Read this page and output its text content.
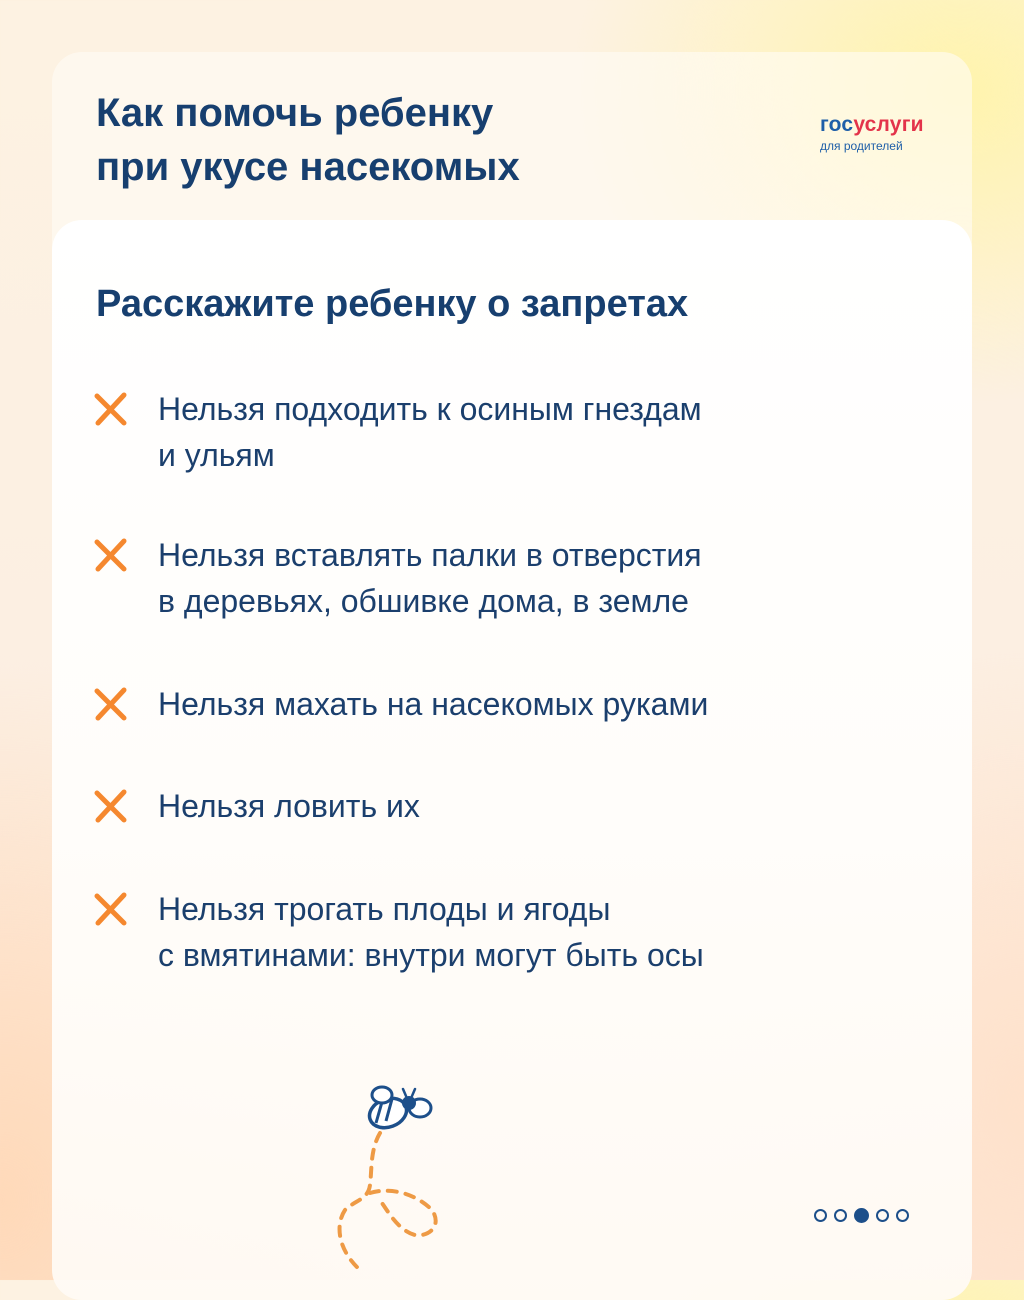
Как помочь ребенку
при укусе насекомых
госуслуги
для родителей
Расскажите ребенку о запретах
Нельзя подходить к осиным гнездам
и ульям
Нельзя вставлять палки в отверстия
в деревьях, обшивке дома, в земле
Нельзя махать на насекомых руками
Нельзя ловить их
Нельзя трогать плоды и ягоды
с вмятинами: внутри могут быть осы
